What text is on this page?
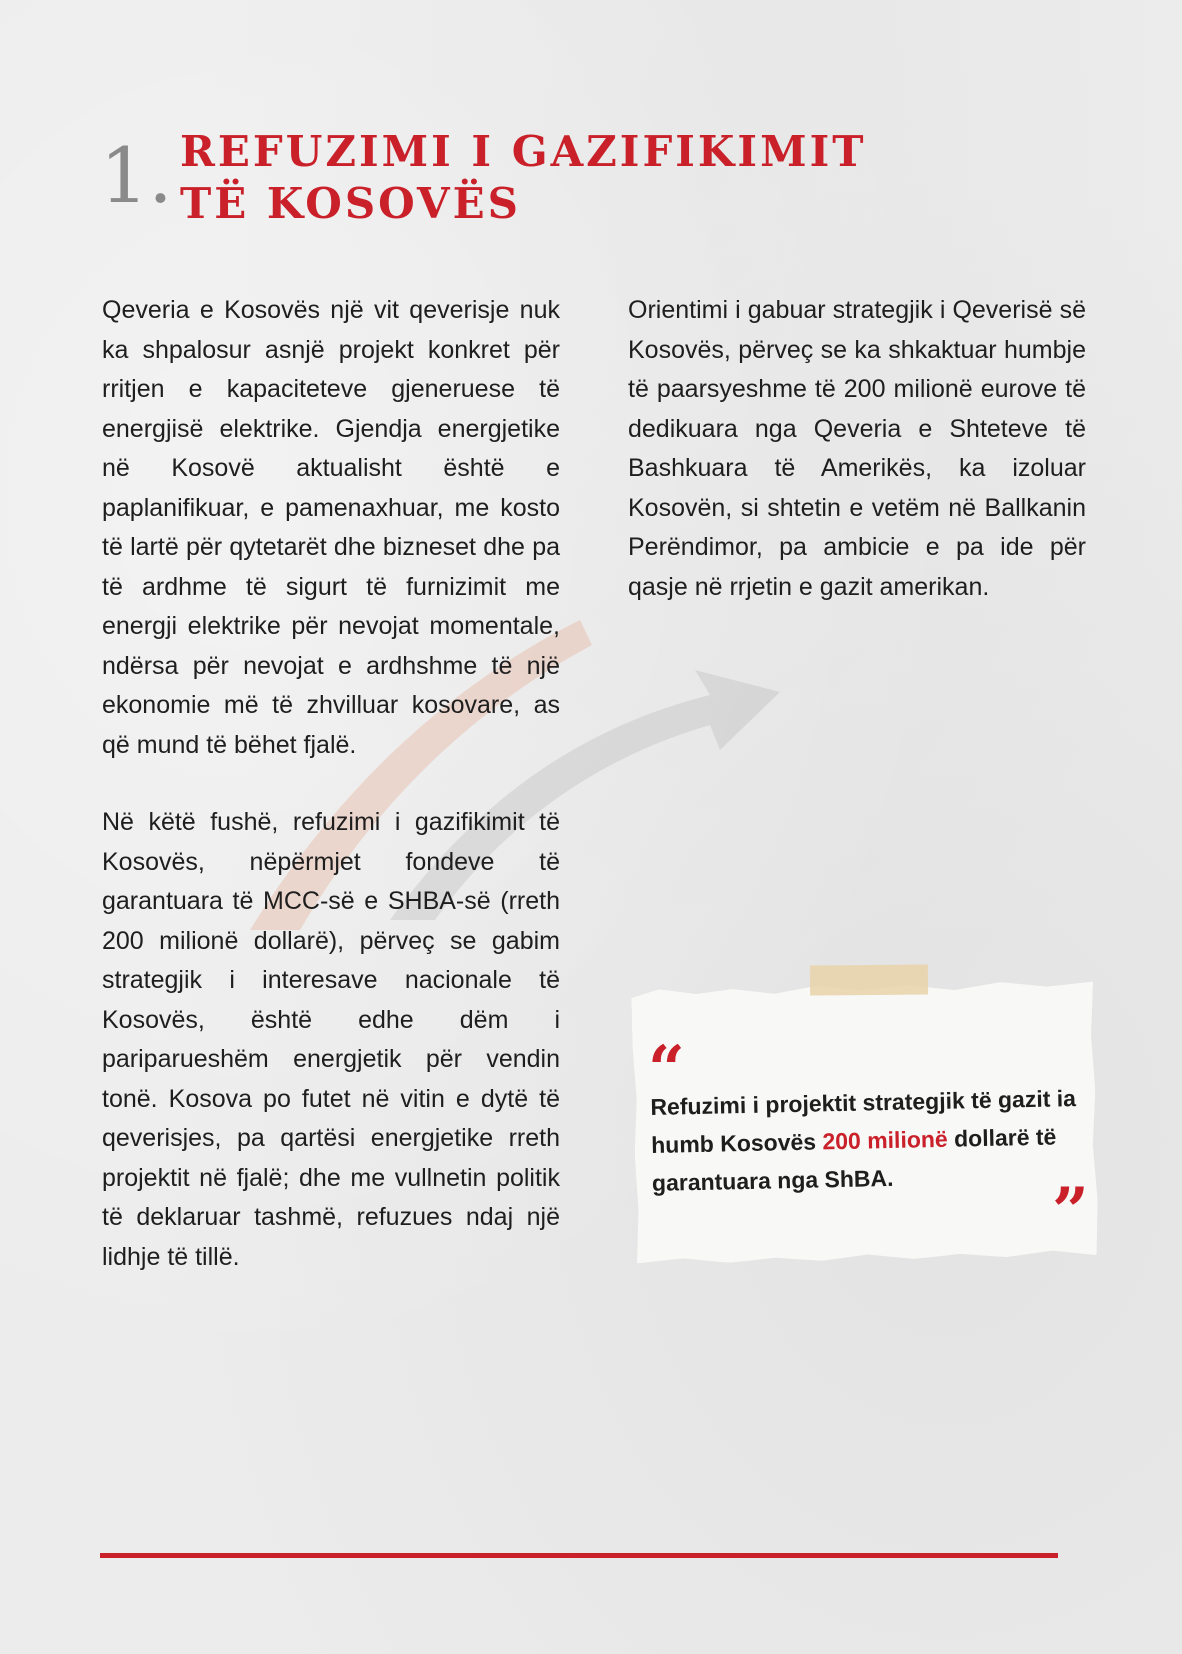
1. REFUZIMI I GAZIFIKIMIT
TË KOSOVËS

Qeveria e Kosovës një vit qeverisje nuk ka shpalosur asnjë projekt konkret për rritjen e kapaciteteve gjeneruese të energjisë elektrike. Gjendja energjetike në Kosovë aktualisht është e paplanifikuar, e pamenaxhuar, me kosto të lartë për qytetarët dhe bizneset dhe pa të ardhme të sigurt të furnizimit me energji elektrike për nevojat momentale, ndërsa për nevojat e ardhshme të një ekonomie më të zhvilluar kosovare, as që mund të bëhet fjalë.

Në këtë fushë, refuzimi i gazifikimit të Kosovës, nëpërmjet fondeve të garantuara të MCC-së e SHBA-së (rreth 200 milionë dollarë), përveç se gabim strategjik i interesave nacionale të Kosovës, është edhe dëm i pariparueshëm energjetik për vendin tonë. Kosova po futet në vitin e dytë të qeverisjes, pa qartësi energjetike rreth projektit në fjalë; dhe me vullnetin politik të deklaruar tashmë, refuzues ndaj një lidhje të tillë.

Orientimi i gabuar strategjik i Qeverisë së Kosovës, përveç se ka shkaktuar humbje të paarsyeshme të 200 milionë eurove të dedikuara nga Qeveria e Shteteve të Bashkuara të Amerikës, ka izoluar Kosovën, si shtetin e vetëm në Ballkanin Perëndimor, pa ambicie e pa ide për qasje në rrjetin e gazit amerikan.

“

Refuzimi i projektit strategjik të gazit ia humb Kosovës 200 milionë dollarë të garantuara nga ShBA.	”
